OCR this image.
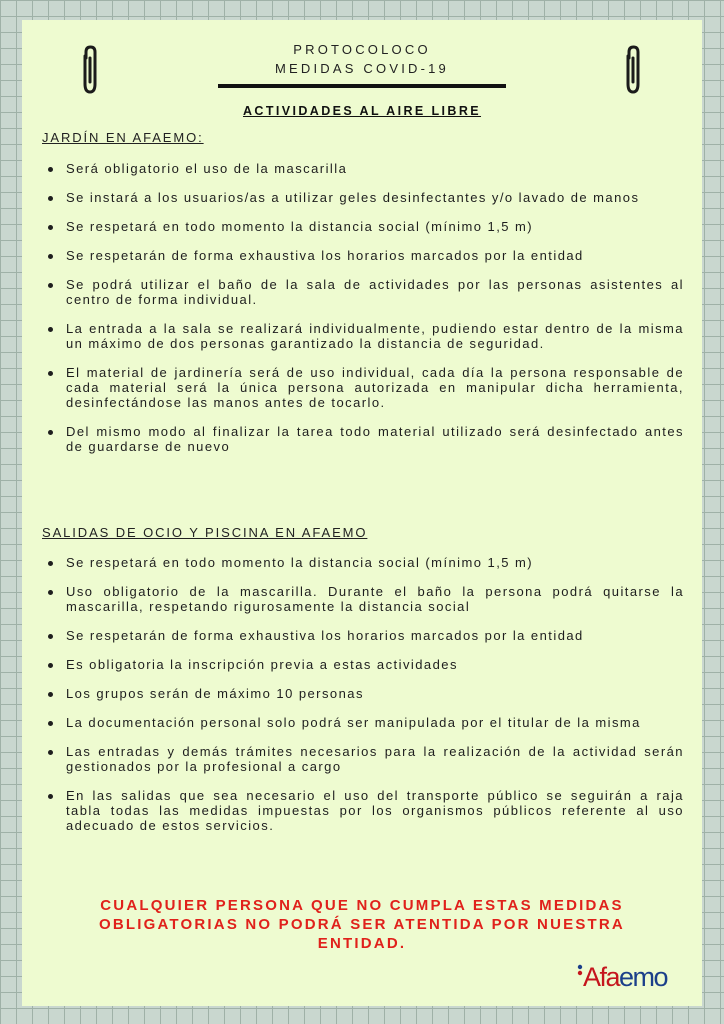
PROTOCOLOCO
MEDIDAS COVID-19
ACTIVIDADES AL AIRE LIBRE
JARDÍN EN AFAEMO:
Será obligatorio el uso de la mascarilla
Se instará a los usuarios/as a utilizar geles desinfectantes y/o lavado de manos
Se respetará en todo momento la distancia social (mínimo 1,5 m)
Se respetarán de forma exhaustiva los horarios marcados por la entidad
Se podrá utilizar el baño de la sala de actividades por las personas asistentes al centro de forma individual.
La entrada a la sala se realizará individualmente, pudiendo estar dentro de la misma un máximo de dos personas garantizado la distancia de seguridad.
El material de jardinería será de uso individual, cada día la persona responsable de cada material será la única persona autorizada en manipular dicha herramienta, desinfectándose las manos antes de tocarlo.
Del mismo modo al finalizar la tarea todo material utilizado será desinfectado antes de guardarse de nuevo
SALIDAS DE OCIO Y PISCINA EN AFAEMO
Se respetará en todo momento la distancia social (mínimo 1,5 m)
Uso obligatorio de la mascarilla. Durante el baño la persona podrá quitarse la mascarilla, respetando rigurosamente la distancia social
Se respetarán de forma exhaustiva los horarios marcados por la entidad
Es obligatoria la inscripción previa a estas actividades
Los grupos serán de máximo 10 personas
La documentación personal solo podrá ser manipulada por el titular de la misma
Las entradas y demás trámites necesarios para la realización de la actividad serán gestionados por la profesional a cargo
En las salidas que sea necesario el uso del transporte público se seguirán a raja tabla todas las medidas impuestas por los organismos públicos referente al uso adecuado de estos servicios.
CUALQUIER PERSONA QUE NO CUMPLA ESTAS MEDIDAS OBLIGATORIAS NO PODRÁ SER ATENTIDA POR NUESTRA ENTIDAD.
Afaemo
